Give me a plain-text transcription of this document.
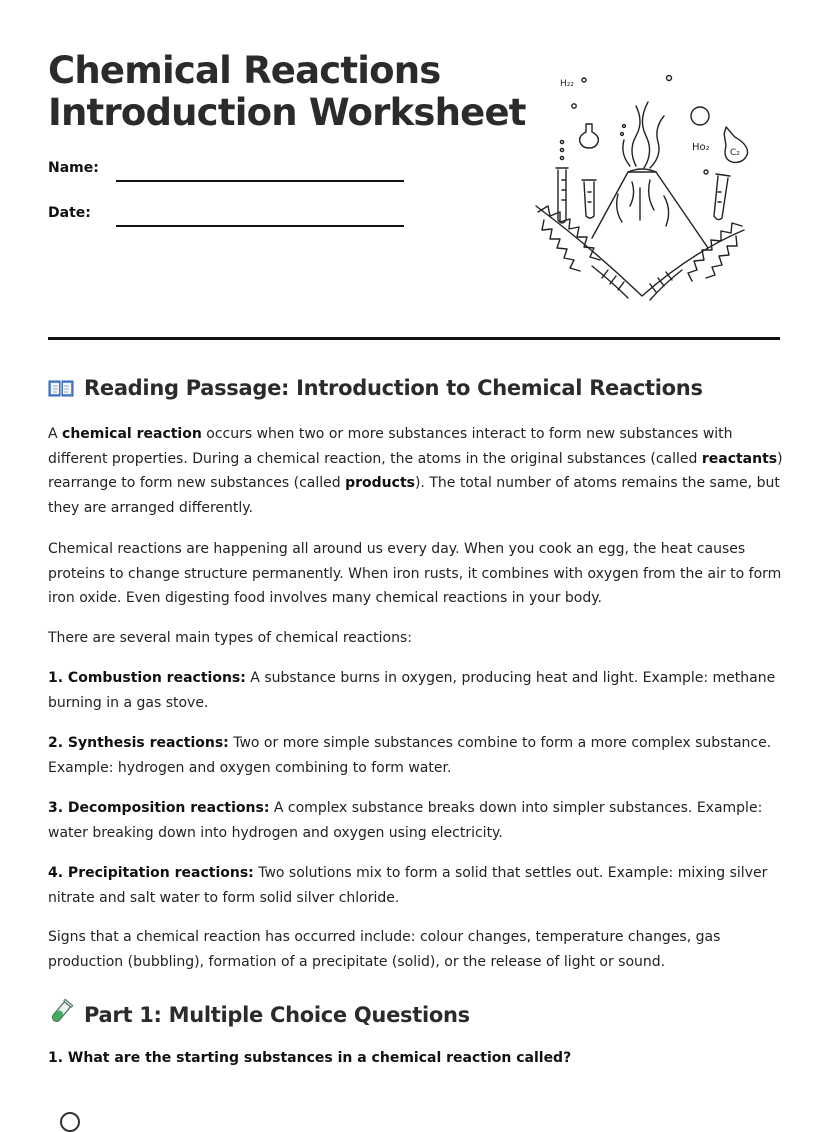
Chemical Reactions
Introduction Worksheet
Name:
Date:
H₂₂
Ho₂ C₂
Reading Passage: Introduction to Chemical Reactions

A chemical reaction occurs when two or more substances interact to form new substances with different properties. During a chemical reaction, the atoms in the original substances (called reactants) rearrange to form new substances (called products). The total number of atoms remains the same, but they are arranged differently.

Chemical reactions are happening all around us every day. When you cook an egg, the heat causes proteins to change structure permanently. When iron rusts, it combines with oxygen from the air to form iron oxide. Even digesting food involves many chemical reactions in your body.

There are several main types of chemical reactions:

1. Combustion reactions: A substance burns in oxygen, producing heat and light. Example: methane burning in a gas stove.

2. Synthesis reactions: Two or more simple substances combine to form a more complex substance. Example: hydrogen and oxygen combining to form water.

3. Decomposition reactions: A complex substance breaks down into simpler substances. Example: water breaking down into hydrogen and oxygen using electricity.

4. Precipitation reactions: Two solutions mix to form a solid that settles out. Example: mixing silver nitrate and salt water to form solid silver chloride.

Signs that a chemical reaction has occurred include: colour changes, temperature changes, gas production (bubbling), formation of a precipitate (solid), or the release of light or sound.

Part 1: Multiple Choice Questions

1. What are the starting substances in a chemical reaction called?
